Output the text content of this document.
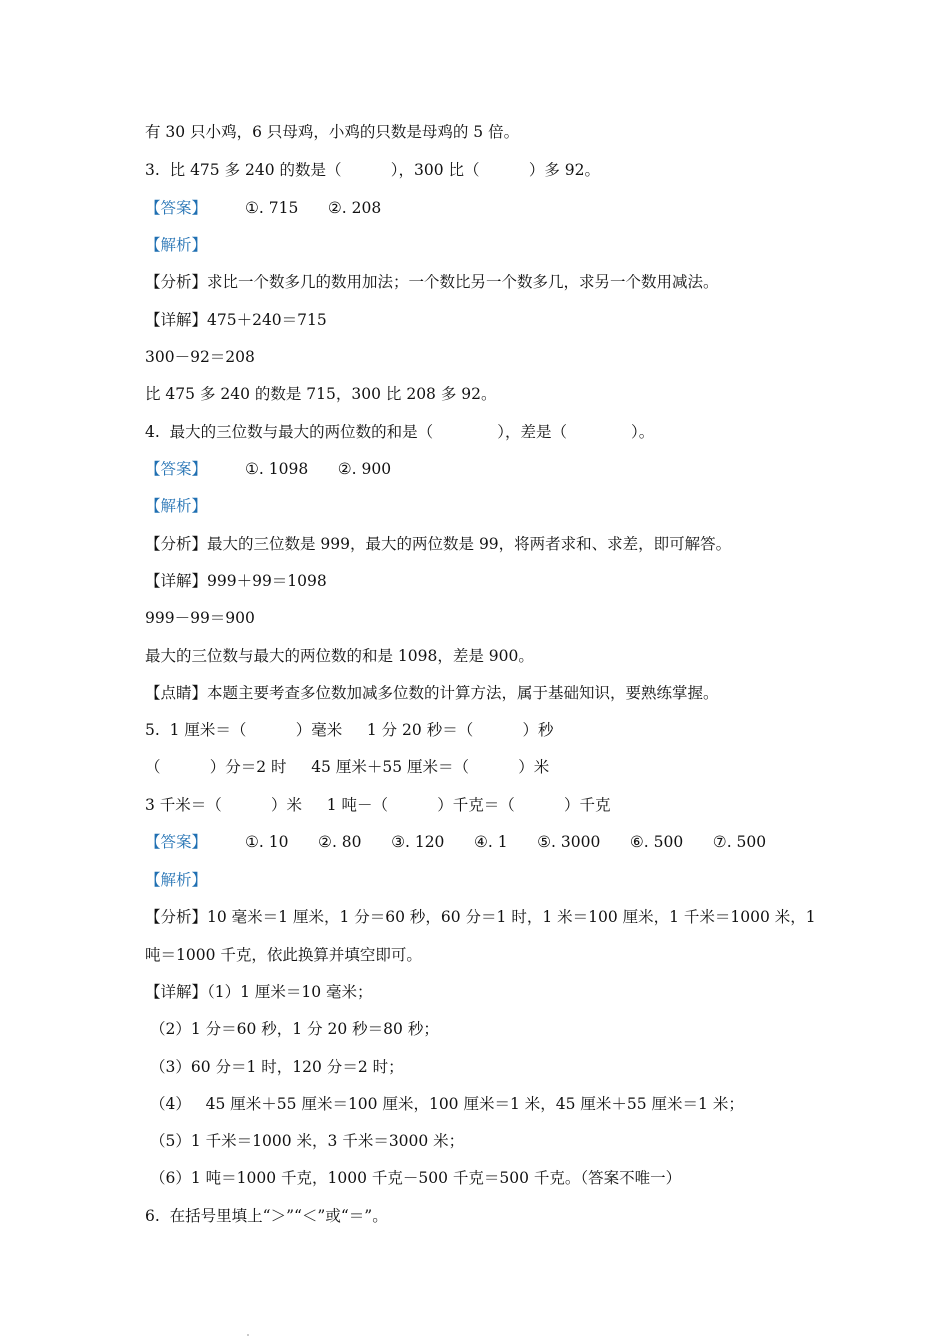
有 30 只小鸡，6 只母鸡，小鸡的只数是母鸡的 5 倍。
3.  比 475 多 240 的数是（          ），300 比（          ）多 92。
【答案】 ①. 715      ②. 208
【解析】
【分析】求比一个数多几的数用加法；一个数比另一个数多几，求另一个数用减法。
【详解】475＋240＝715
300－92＝208
比 475 多 240 的数是 715，300 比 208 多 92。
4.  最大的三位数与最大的两位数的和是（             ），差是（             ）。
【答案】 ①. 1098      ②. 900
【解析】
【分析】最大的三位数是 999，最大的两位数是 99，将两者求和、求差，即可解答。
【详解】999＋99＝1098
999－99＝900
最大的三位数与最大的两位数的和是 1098，差是 900。
【点睛】本题主要考查多位数加减多位数的计算方法，属于基础知识，要熟练掌握。
5.  1 厘米＝（          ）毫米     1 分 20 秒＝（          ）秒
（          ）分＝2 时     45 厘米＋55 厘米＝（          ）米
3 千米＝（          ）米     1 吨－（          ）千克＝（          ）千克
【答案】 ①. 10      ②. 80      ③. 120      ④. 1      ⑤. 3000      ⑥. 500      ⑦. 500
【解析】
【分析】10 毫米＝1 厘米，1 分＝60 秒，60 分＝1 时，1 米＝100 厘米，1 千米＝1000 米，1
吨＝1000 千克，依此换算并填空即可。
【详解】（1）1 厘米＝10 毫米；
（2）1 分＝60 秒，1 分 20 秒＝80 秒；
（3）60 分＝1 时，120 分＝2 时；
（4）   45 厘米＋55 厘米＝100 厘米，100 厘米＝1 米，45 厘米＋55 厘米＝1 米；
（5）1 千米＝1000 米，3 千米＝3000 米；
（6）1 吨＝1000 千克，1000 千克－500 千克＝500 千克。（答案不唯一）
6.  在括号里填上“＞”“＜”或“＝”。
